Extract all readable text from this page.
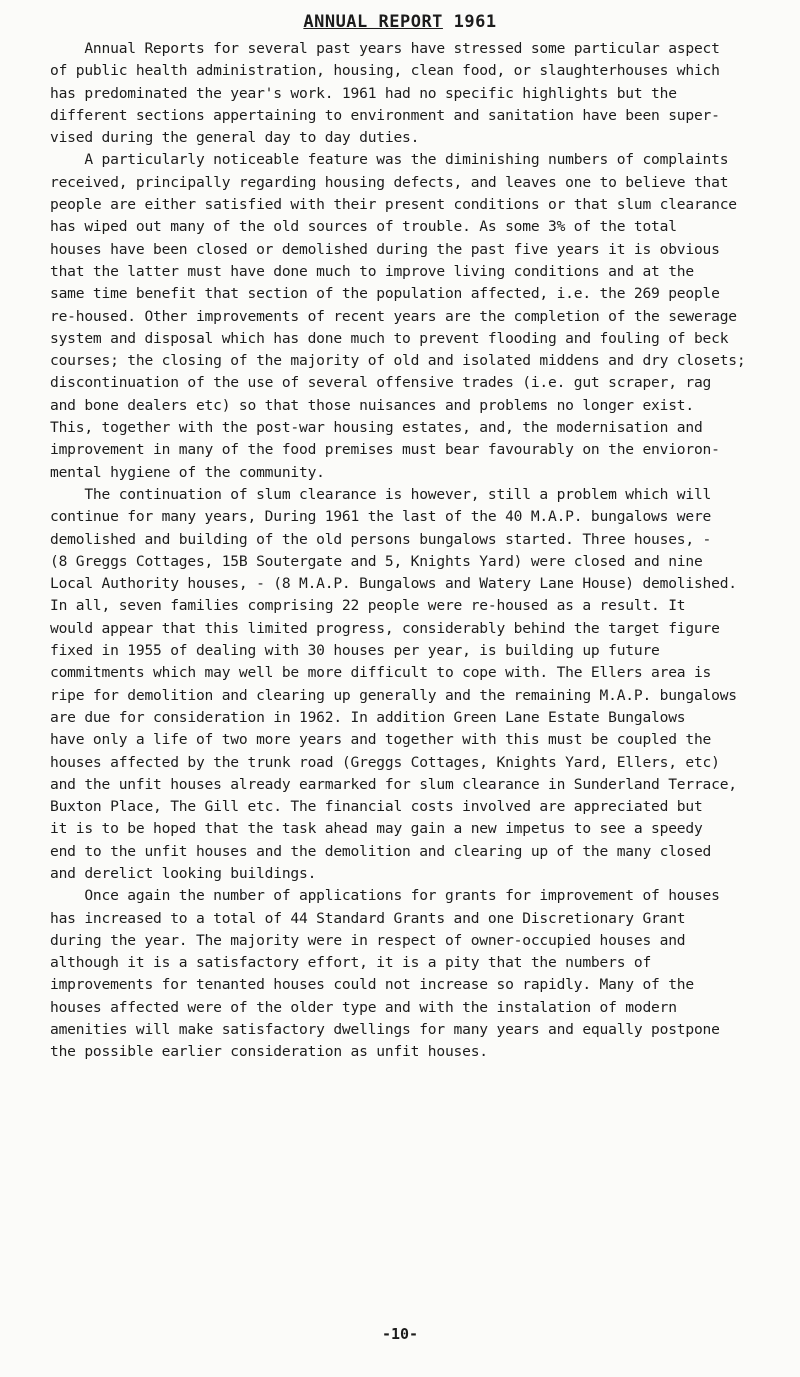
ANNUAL REPORT 1961
Annual Reports for several past years have stressed some particular aspect
of public health administration, housing, clean food, or slaughterhouses which
has predominated the year's work. 1961 had no specific highlights but the
different sections appertaining to environment and sanitation have been super-
vised during the general day to day duties.
A particularly noticeable feature was the diminishing numbers of complaints
received, principally regarding housing defects, and leaves one to believe that
people are either satisfied with their present conditions or that slum clearance
has wiped out many of the old sources of trouble. As some 3% of the total
houses have been closed or demolished during the past five years it is obvious
that the latter must have done much to improve living conditions and at the
same time benefit that section of the population affected, i.e. the 269 people
re-housed. Other improvements of recent years are the completion of the sewerage
system and disposal which has done much to prevent flooding and fouling of beck
courses; the closing of the majority of old and isolated middens and dry closets;
discontinuation of the use of several offensive trades (i.e. gut scraper, rag
and bone dealers etc) so that those nuisances and problems no longer exist.
This, together with the post-war housing estates, and, the modernisation and
improvement in many of the food premises must bear favourably on the envioron-
mental hygiene of the community.
The continuation of slum clearance is however, still a problem which will
continue for many years, During 1961 the last of the 40 M.A.P. bungalows were
demolished and building of the old persons bungalows started. Three houses, -
(8 Greggs Cottages, 15B Soutergate and 5, Knights Yard) were closed and nine
Local Authority houses, - (8 M.A.P. Bungalows and Watery Lane House) demolished.
In all, seven families comprising 22 people were re-housed as a result. It
would appear that this limited progress, considerably behind the target figure
fixed in 1955 of dealing with 30 houses per year, is building up future
commitments which may well be more difficult to cope with. The Ellers area is
ripe for demolition and clearing up generally and the remaining M.A.P. bungalows
are due for consideration in 1962. In addition Green Lane Estate Bungalows
have only a life of two more years and together with this must be coupled the
houses affected by the trunk road (Greggs Cottages, Knights Yard, Ellers, etc)
and the unfit houses already earmarked for slum clearance in Sunderland Terrace,
Buxton Place, The Gill etc. The financial costs involved are appreciated but
it is to be hoped that the task ahead may gain a new impetus to see a speedy
end to the unfit houses and the demolition and clearing up of the many closed
and derelict looking buildings.
Once again the number of applications for grants for improvement of houses
has increased to a total of 44 Standard Grants and one Discretionary Grant
during the year. The majority were in respect of owner-occupied houses and
although it is a satisfactory effort, it is a pity that the numbers of
improvements for tenanted houses could not increase so rapidly. Many of the
houses affected were of the older type and with the instalation of modern
amenities will make satisfactory dwellings for many years and equally postpone
the possible earlier consideration as unfit houses.
-10-
